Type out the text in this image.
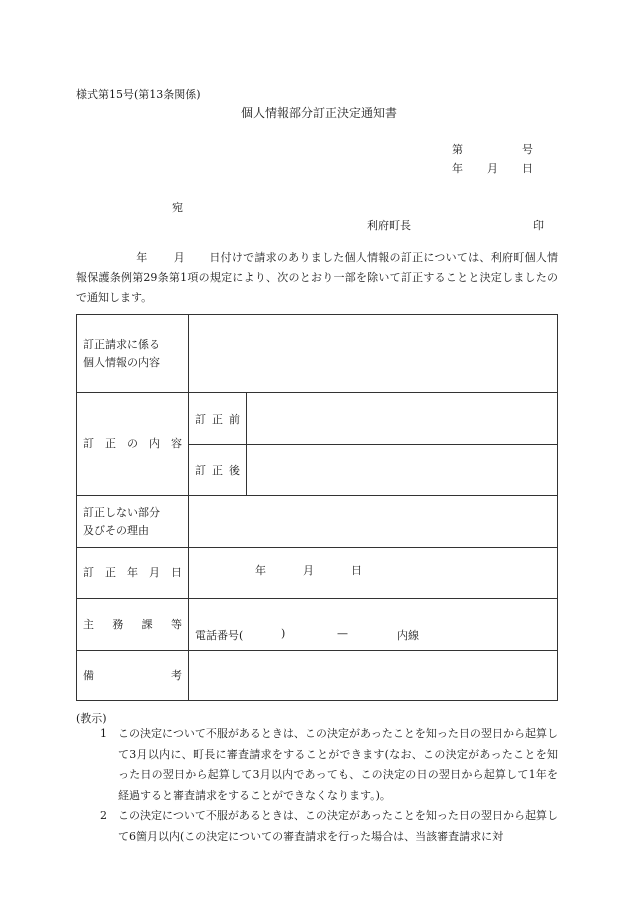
様式第15号(第13条関係)
個人情報部分訂正決定通知書
第	号
年 月 日
宛
利府町長	印
年 月 日付けで請求のありました個人情報の訂正については、利府町個人情報保護条例第29条第1項の規定により、次のとおり一部を除いて訂正することと決定しましたので通知します。
訂正請求に係る
個人情報の内容		

訂 正 の 内 容	訂 正 前	

	訂 正 後	

訂正しない部分
及びその理由		

訂 正 年 月 日	年 月 日	

主 務 課 等	電話番号( ) — 内線	

備 考		

(教示)
1	この決定について不服があるときは、この決定があったことを知った日の翌日から起算して3月以内に、町長に審査請求をすることができます(なお、この決定があったことを知った日の翌日から起算して3月以内であっても、この決定の日の翌日から起算して1年を経過すると審査請求をすることができなくなります。)。
2	この決定について不服があるときは、この決定があったことを知った日の翌日から起算して6箇月以内(この決定についての審査請求を行った場合は、当該審査請求に対
